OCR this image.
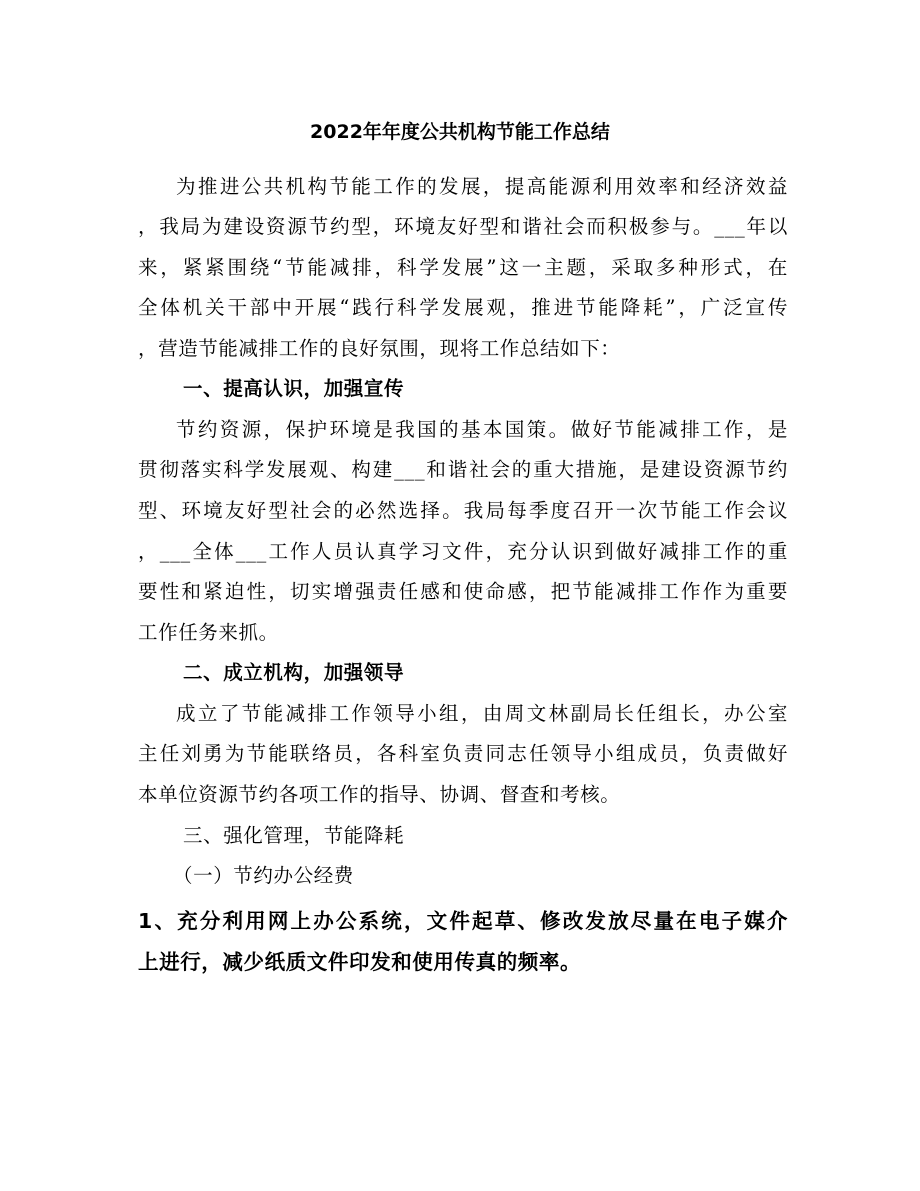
2022年年度公共机构节能工作总结
为推进公共机构节能工作的发展，提高能源利用效率和经济效益
，我局为建设资源节约型，环境友好型和谐社会而积极参与。___年以
来，紧紧围绕“节能减排，科学发展”这一主题，采取多种形式，在
全体机关干部中开展“践行科学发展观，推进节能降耗”，广泛宣传
，营造节能减排工作的良好氛围，现将工作总结如下：
一、提高认识，加强宣传
节约资源，保护环境是我国的基本国策。做好节能减排工作，是
贯彻落实科学发展观、构建___和谐社会的重大措施，是建设资源节约
型、环境友好型社会的必然选择。我局每季度召开一次节能工作会议
，___全体___工作人员认真学习文件，充分认识到做好减排工作的重
要性和紧迫性，切实增强责任感和使命感，把节能减排工作作为重要
工作任务来抓。
二、成立机构，加强领导
成立了节能减排工作领导小组，由周文林副局长任组长，办公室
主任刘勇为节能联络员，各科室负责同志任领导小组成员，负责做好
本单位资源节约各项工作的指导、协调、督查和考核。
三、强化管理，节能降耗
（一）节约办公经费
1、充分利用网上办公系统，文件起草、修改发放尽量在电子媒介
上进行，减少纸质文件印发和使用传真的频率。
